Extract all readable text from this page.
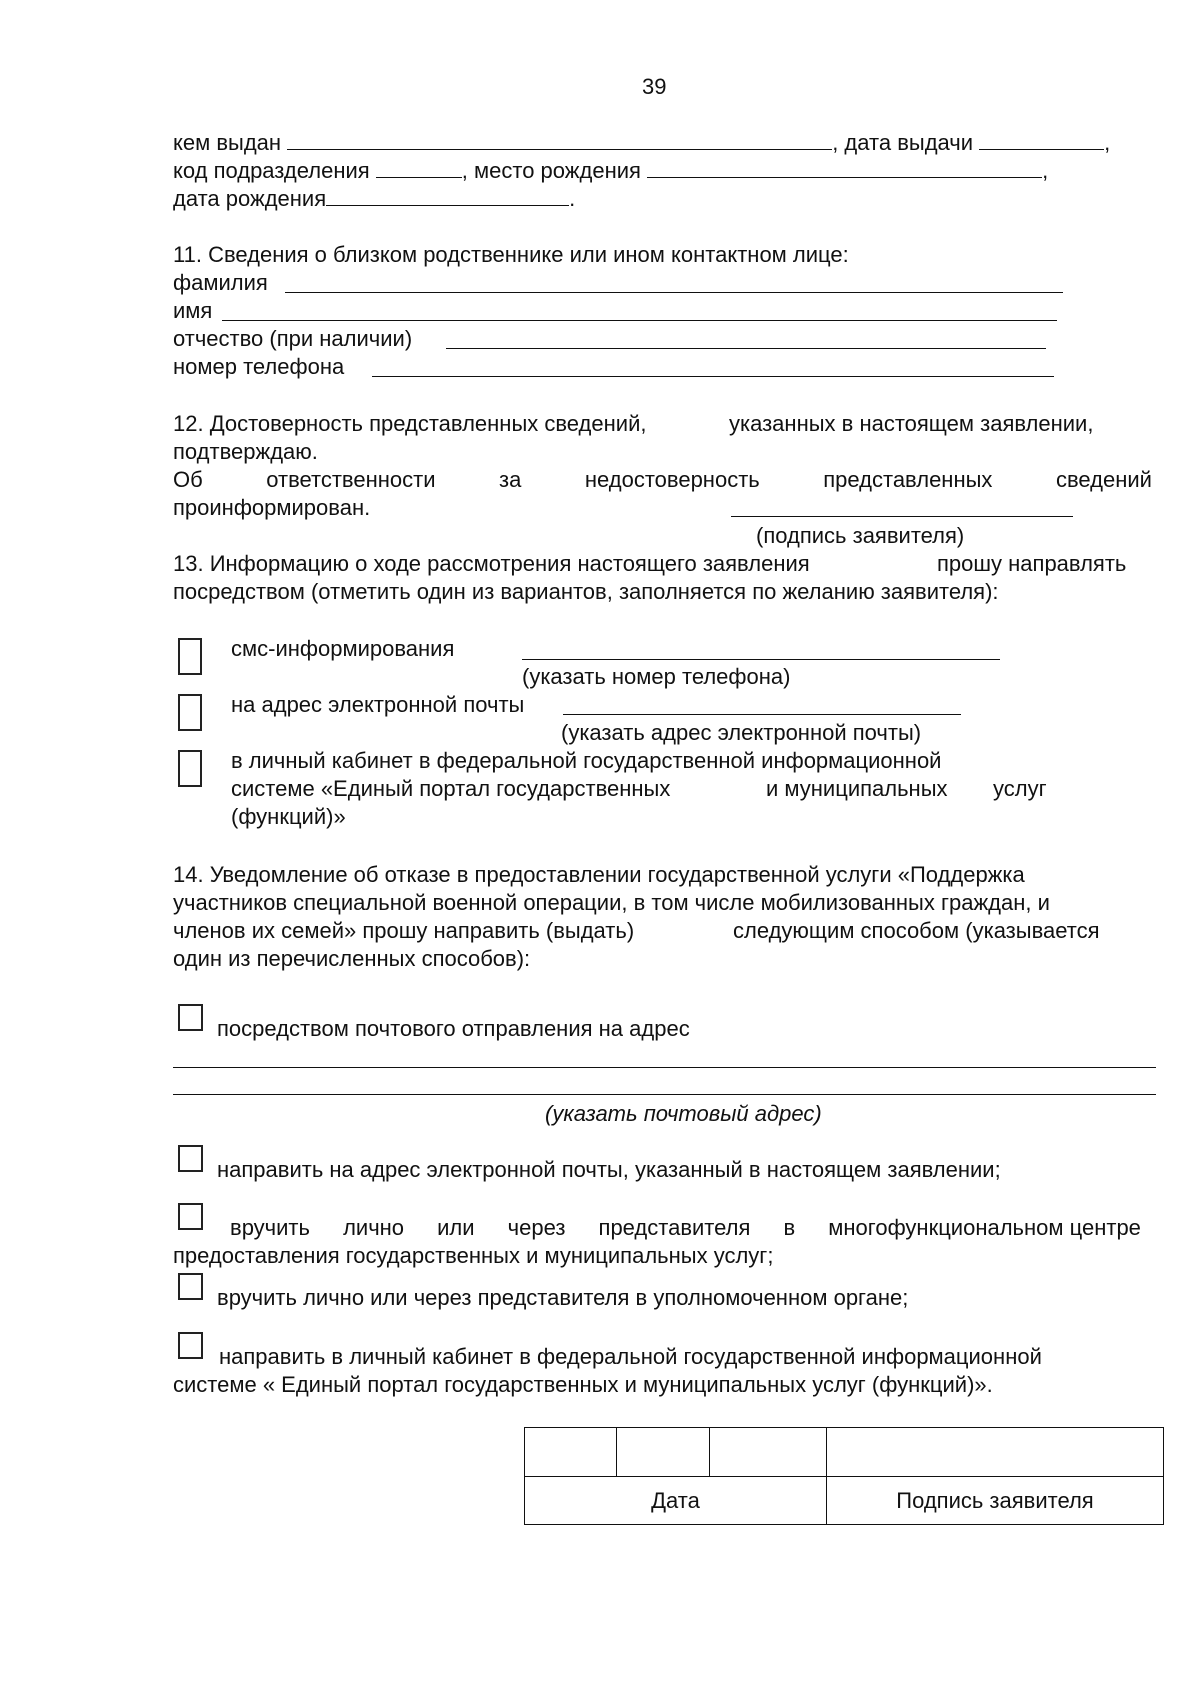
39
кем выдан	, дата выдачи	,
код подразделения	, место рождения	,
дата рождения	.
11. Сведения о близком родственнике или ином контактном лице:
фамилия
имя
отчество (при наличии)
номер телефона
12. Достоверность представленных сведений,	указанных в настоящем заявлении,
подтверждаю.
Об	ответственности	за	недостоверность	представленных	сведений
проинформирован.
(подпись заявителя)
13. Информацию о ходе рассмотрения настоящего заявления	прошу направлять
посредством (отметить один из вариантов, заполняется по желанию заявителя):
смс-информирования
(указать номер телефона)
на адрес электронной почты
(указать адрес электронной почты)
в личный кабинет в федеральной государственной информационной
системе «Единый портал государственных	и муниципальных услуг
(функций)»
14. Уведомление об отказе в предоставлении государственной услуги «Поддержка
участников специальной военной операции, в том числе мобилизованных граждан, и
членов их семей» прошу направить (выдать)	следующим способом (указывается
один из перечисленных способов):
посредством почтового отправления на адрес
(указать почтовый адрес)
направить на адрес электронной почты, указанный в настоящем заявлении;
вручить лично или через представителя в многофункциональном центре
предоставления государственных и муниципальных услуг;
вручить лично или через представителя в уполномоченном органе;
направить в личный кабинет в федеральной государственной информационной
системе « Единый портал государственных и муниципальных услуг (функций)».

Дата			Подпись заявителя
